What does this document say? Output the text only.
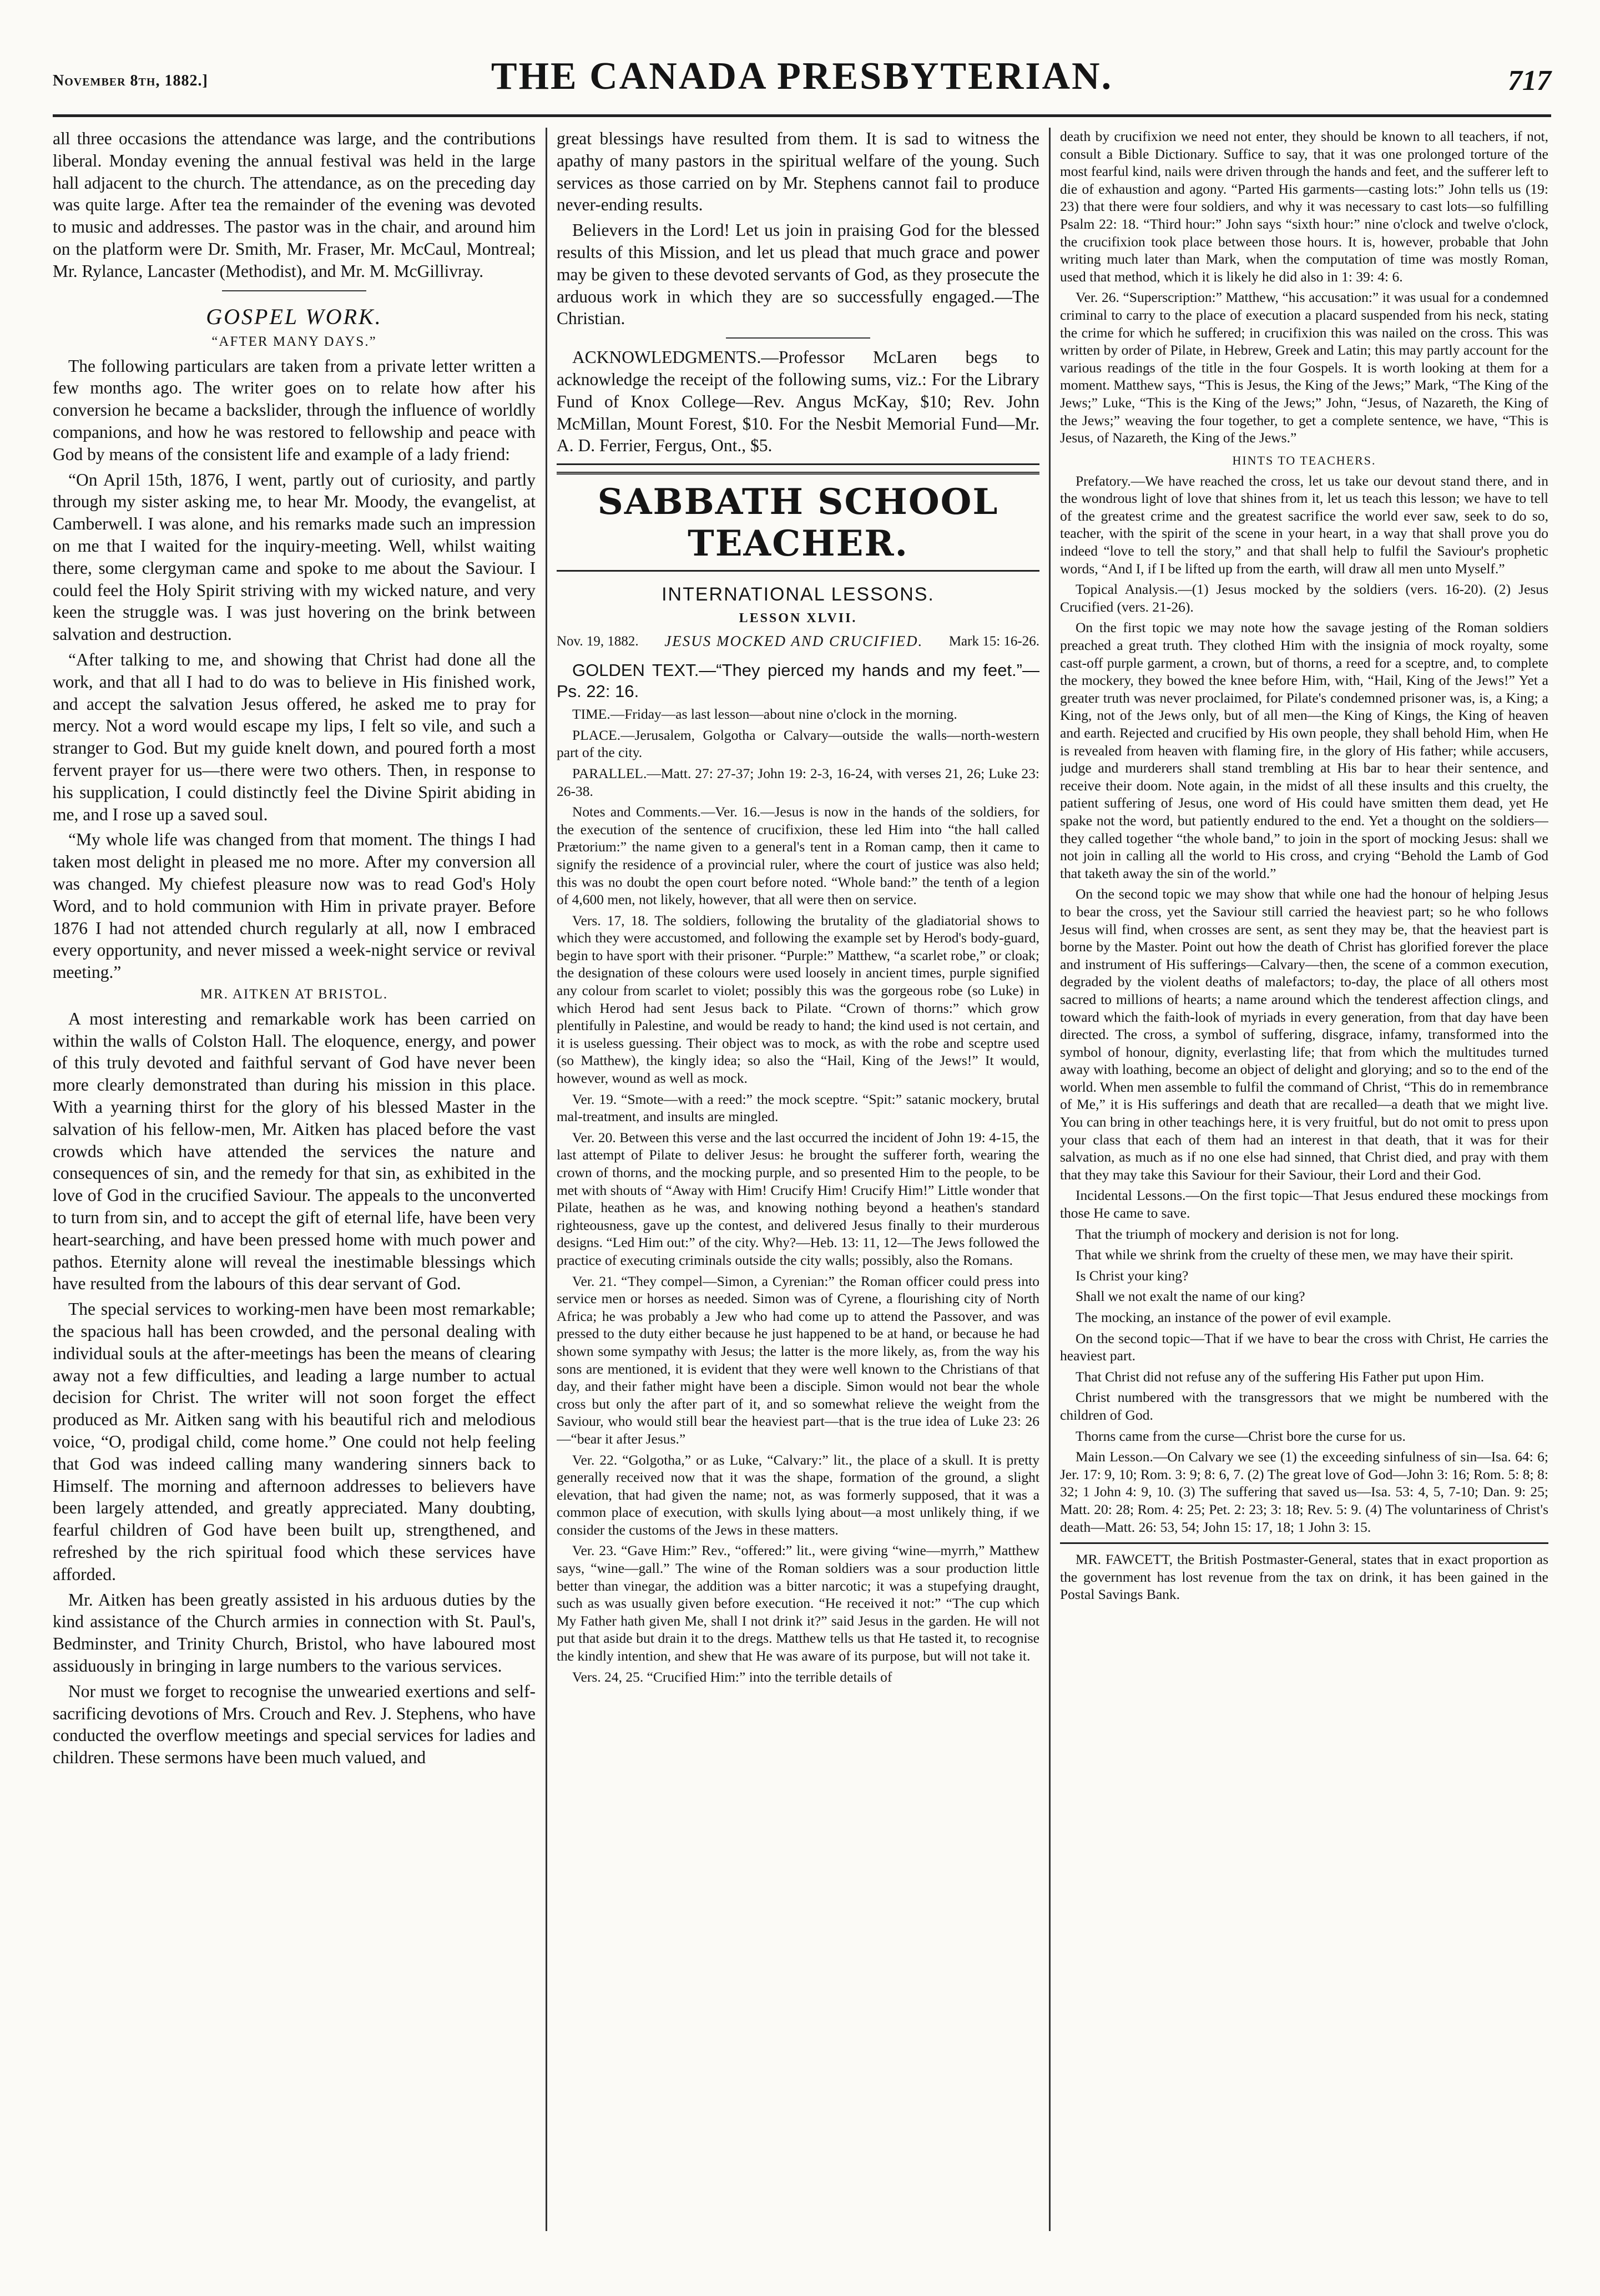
November 8th, 1882.]	THE CANADA PRESBYTERIAN.	717

all three occasions the attendance was large, and the contributions liberal. Monday evening the annual festival was held in the large hall adjacent to the church. The attendance, as on the preceding day was quite large. After tea the remainder of the evening was devoted to music and addresses. The pastor was in the chair, and around him on the platform were Dr. Smith, Mr. Fraser, Mr. McCaul, Montreal; Mr. Rylance, Lancaster (Methodist), and Mr. M. McGillivray.

GOSPEL WORK.
“AFTER MANY DAYS.”

The following particulars are taken from a private letter written a few months ago. The writer goes on to relate how after his conversion he became a backslider, through the influence of worldly companions, and how he was restored to fellowship and peace with God by means of the consistent life and example of a lady friend:

“On April 15th, 1876, I went, partly out of curiosity, and partly through my sister asking me, to hear Mr. Moody, the evangelist, at Camberwell. I was alone, and his remarks made such an impression on me that I waited for the inquiry-meeting. Well, whilst waiting there, some clergyman came and spoke to me about the Saviour. I could feel the Holy Spirit striving with my wicked nature, and very keen the struggle was. I was just hovering on the brink between salvation and destruction.

“After talking to me, and showing that Christ had done all the work, and that all I had to do was to believe in His finished work, and accept the salvation Jesus offered, he asked me to pray for mercy. Not a word would escape my lips, I felt so vile, and such a stranger to God. But my guide knelt down, and poured forth a most fervent prayer for us—there were two others. Then, in response to his supplication, I could distinctly feel the Divine Spirit abiding in me, and I rose up a saved soul.

“My whole life was changed from that moment. The things I had taken most delight in pleased me no more. After my conversion all was changed. My chiefest pleasure now was to read God's Holy Word, and to hold communion with Him in private prayer. Before 1876 I had not attended church regularly at all, now I embraced every opportunity, and never missed a week-night service or revival meeting.”

MR. AITKEN AT BRISTOL.

A most interesting and remarkable work has been carried on within the walls of Colston Hall. The eloquence, energy, and power of this truly devoted and faithful servant of God have never been more clearly demonstrated than during his mission in this place. With a yearning thirst for the glory of his blessed Master in the salvation of his fellow-men, Mr. Aitken has placed before the vast crowds which have attended the services the nature and consequences of sin, and the remedy for that sin, as exhibited in the love of God in the crucified Saviour. The appeals to the unconverted to turn from sin, and to accept the gift of eternal life, have been very heart-searching, and have been pressed home with much power and pathos. Eternity alone will reveal the inestimable blessings which have resulted from the labours of this dear servant of God.

The special services to working-men have been most remarkable; the spacious hall has been crowded, and the personal dealing with individual souls at the after-meetings has been the means of clearing away not a few difficulties, and leading a large number to actual decision for Christ. The writer will not soon forget the effect produced as Mr. Aitken sang with his beautiful rich and melodious voice, “O, prodigal child, come home.” One could not help feeling that God was indeed calling many wandering sinners back to Himself. The morning and afternoon addresses to believers have been largely attended, and greatly appreciated. Many doubting, fearful children of God have been built up, strengthened, and refreshed by the rich spiritual food which these services have afforded.

Mr. Aitken has been greatly assisted in his arduous duties by the kind assistance of the Church armies in connection with St. Paul's, Bedminster, and Trinity Church, Bristol, who have laboured most assiduously in bringing in large numbers to the various services.

Nor must we forget to recognise the unwearied exertions and self-sacrificing devotions of Mrs. Crouch and Rev. J. Stephens, who have conducted the overflow meetings and special services for ladies and children. These sermons have been much valued, and

great blessings have resulted from them. It is sad to witness the apathy of many pastors in the spiritual welfare of the young. Such services as those carried on by Mr. Stephens cannot fail to produce never-ending results.

Believers in the Lord! Let us join in praising God for the blessed results of this Mission, and let us plead that much grace and power may be given to these devoted servants of God, as they prosecute the arduous work in which they are so successfully engaged.—The Christian.

ACKNOWLEDGMENTS.—Professor McLaren begs to acknowledge the receipt of the following sums, viz.: For the Library Fund of Knox College—Rev. Angus McKay, $10; Rev. John McMillan, Mount Forest, $10. For the Nesbit Memorial Fund—Mr. A. D. Ferrier, Fergus, Ont., $5.

SABBATH SCHOOL TEACHER.
INTERNATIONAL LESSONS.
LESSON XLVII.
Nov. 19, 1882. JESUS MOCKED AND CRUCIFIED. Mark 15: 16-26.

GOLDEN TEXT.—“They pierced my hands and my feet.”—Ps. 22: 16.

TIME.—Friday—as last lesson—about nine o'clock in the morning.

PLACE.—Jerusalem, Golgotha or Calvary—outside the walls—north-western part of the city.

PARALLEL.—Matt. 27: 27-37; John 19: 2-3, 16-24, with verses 21, 26; Luke 23: 26-38.

Notes and Comments.—Ver. 16.—Jesus is now in the hands of the soldiers, for the execution of the sentence of crucifixion, these led Him into “the hall called Prætorium:” the name given to a general's tent in a Roman camp, then it came to signify the residence of a provincial ruler, where the court of justice was also held; this was no doubt the open court before noted. “Whole band:” the tenth of a legion of 4,600 men, not likely, however, that all were then on service.

Vers. 17, 18. The soldiers, following the brutality of the gladiatorial shows to which they were accustomed, and following the example set by Herod's body-guard, begin to have sport with their prisoner. “Purple:” Matthew, “a scarlet robe,” or cloak; the designation of these colours were used loosely in ancient times, purple signified any colour from scarlet to violet; possibly this was the gorgeous robe (so Luke) in which Herod had sent Jesus back to Pilate. “Crown of thorns:” which grow plentifully in Palestine, and would be ready to hand; the kind used is not certain, and it is useless guessing. Their object was to mock, as with the robe and sceptre used (so Matthew), the kingly idea; so also the “Hail, King of the Jews!” It would, however, wound as well as mock.

Ver. 19. “Smote—with a reed:” the mock sceptre. “Spit:” satanic mockery, brutal mal-treatment, and insults are mingled.

Ver. 20. Between this verse and the last occurred the incident of John 19: 4-15, the last attempt of Pilate to deliver Jesus: he brought the sufferer forth, wearing the crown of thorns, and the mocking purple, and so presented Him to the people, to be met with shouts of “Away with Him! Crucify Him! Crucify Him!” Little wonder that Pilate, heathen as he was, and knowing nothing beyond a heathen's standard righteousness, gave up the contest, and delivered Jesus finally to their murderous designs. “Led Him out:” of the city. Why?—Heb. 13: 11, 12—The Jews followed the practice of executing criminals outside the city walls; possibly, also the Romans.

Ver. 21. “They compel—Simon, a Cyrenian:” the Roman officer could press into service men or horses as needed. Simon was of Cyrene, a flourishing city of North Africa; he was probably a Jew who had come up to attend the Passover, and was pressed to the duty either because he just happened to be at hand, or because he had shown some sympathy with Jesus; the latter is the more likely, as, from the way his sons are mentioned, it is evident that they were well known to the Christians of that day, and their father might have been a disciple. Simon would not bear the whole cross but only the after part of it, and so somewhat relieve the weight from the Saviour, who would still bear the heaviest part—that is the true idea of Luke 23: 26—“bear it after Jesus.”

Ver. 22. “Golgotha,” or as Luke, “Calvary:” lit., the place of a skull. It is pretty generally received now that it was the shape, formation of the ground, a slight elevation, that had given the name; not, as was formerly supposed, that it was a common place of execution, with skulls lying about—a most unlikely thing, if we consider the customs of the Jews in these matters.

Ver. 23. “Gave Him:” Rev., “offered:” lit., were giving “wine—myrrh,” Matthew says, “wine—gall.” The wine of the Roman soldiers was a sour production little better than vinegar, the addition was a bitter narcotic; it was a stupefying draught, such as was usually given before execution. “He received it not:” “The cup which My Father hath given Me, shall I not drink it?” said Jesus in the garden. He will not put that aside but drain it to the dregs. Matthew tells us that He tasted it, to recognise the kindly intention, and shew that He was aware of its purpose, but will not take it.

Vers. 24, 25. “Crucified Him:” into the terrible details of

death by crucifixion we need not enter, they should be known to all teachers, if not, consult a Bible Dictionary. Suffice to say, that it was one prolonged torture of the most fearful kind, nails were driven through the hands and feet, and the sufferer left to die of exhaustion and agony. “Parted His garments—casting lots:” John tells us (19: 23) that there were four soldiers, and why it was necessary to cast lots—so fulfilling Psalm 22: 18. “Third hour:” John says “sixth hour:” nine o'clock and twelve o'clock, the crucifixion took place between those hours. It is, however, probable that John writing much later than Mark, when the computation of time was mostly Roman, used that method, which it is likely he did also in 1: 39: 4: 6.

Ver. 26. “Superscription:” Matthew, “his accusation:” it was usual for a condemned criminal to carry to the place of execution a placard suspended from his neck, stating the crime for which he suffered; in crucifixion this was nailed on the cross. This was written by order of Pilate, in Hebrew, Greek and Latin; this may partly account for the various readings of the title in the four Gospels. It is worth looking at them for a moment. Matthew says, “This is Jesus, the King of the Jews;” Mark, “The King of the Jews;” Luke, “This is the King of the Jews;” John, “Jesus, of Nazareth, the King of the Jews;” weaving the four together, to get a complete sentence, we have, “This is Jesus, of Nazareth, the King of the Jews.”

HINTS TO TEACHERS.

Prefatory.—We have reached the cross, let us take our devout stand there, and in the wondrous light of love that shines from it, let us teach this lesson; we have to tell of the greatest crime and the greatest sacrifice the world ever saw, seek to do so, teacher, with the spirit of the scene in your heart, in a way that shall prove you do indeed “love to tell the story,” and that shall help to fulfil the Saviour's prophetic words, “And I, if I be lifted up from the earth, will draw all men unto Myself.”

Topical Analysis.—(1) Jesus mocked by the soldiers (vers. 16-20). (2) Jesus Crucified (vers. 21-26).

On the first topic we may note how the savage jesting of the Roman soldiers preached a great truth. They clothed Him with the insignia of mock royalty, some cast-off purple garment, a crown, but of thorns, a reed for a sceptre, and, to complete the mockery, they bowed the knee before Him, with, “Hail, King of the Jews!” Yet a greater truth was never proclaimed, for Pilate's condemned prisoner was, is, a King; a King, not of the Jews only, but of all men—the King of Kings, the King of heaven and earth. Rejected and crucified by His own people, they shall behold Him, when He is revealed from heaven with flaming fire, in the glory of His father; while accusers, judge and murderers shall stand trembling at His bar to hear their sentence, and receive their doom. Note again, in the midst of all these insults and this cruelty, the patient suffering of Jesus, one word of His could have smitten them dead, yet He spake not the word, but patiently endured to the end. Yet a thought on the soldiers—they called together “the whole band,” to join in the sport of mocking Jesus: shall we not join in calling all the world to His cross, and crying “Behold the Lamb of God that taketh away the sin of the world.”

On the second topic we may show that while one had the honour of helping Jesus to bear the cross, yet the Saviour still carried the heaviest part; so he who follows Jesus will find, when crosses are sent, as sent they may be, that the heaviest part is borne by the Master. Point out how the death of Christ has glorified forever the place and instrument of His sufferings—Calvary—then, the scene of a common execution, degraded by the violent deaths of malefactors; to-day, the place of all others most sacred to millions of hearts; a name around which the tenderest affection clings, and toward which the faith-look of myriads in every generation, from that day have been directed. The cross, a symbol of suffering, disgrace, infamy, transformed into the symbol of honour, dignity, everlasting life; that from which the multitudes turned away with loathing, become an object of delight and glorying; and so to the end of the world. When men assemble to fulfil the command of Christ, “This do in remembrance of Me,” it is His sufferings and death that are recalled—a death that we might live. You can bring in other teachings here, it is very fruitful, but do not omit to press upon your class that each of them had an interest in that death, that it was for their salvation, as much as if no one else had sinned, that Christ died, and pray with them that they may take this Saviour for their Saviour, their Lord and their God.

Incidental Lessons.—On the first topic—That Jesus endured these mockings from those He came to save.

That the triumph of mockery and derision is not for long.

That while we shrink from the cruelty of these men, we may have their spirit.

Is Christ your king?

Shall we not exalt the name of our king?

The mocking, an instance of the power of evil example.

On the second topic—That if we have to bear the cross with Christ, He carries the heaviest part.

That Christ did not refuse any of the suffering His Father put upon Him.

Christ numbered with the transgressors that we might be numbered with the children of God.

Thorns came from the curse—Christ bore the curse for us.

Main Lesson.—On Calvary we see (1) the exceeding sinfulness of sin—Isa. 64: 6; Jer. 17: 9, 10; Rom. 3: 9; 8: 6, 7. (2) The great love of God—John 3: 16; Rom. 5: 8; 8: 32; 1 John 4: 9, 10. (3) The suffering that saved us—Isa. 53: 4, 5, 7-10; Dan. 9: 25; Matt. 20: 28; Rom. 4: 25; Pet. 2: 23; 3: 18; Rev. 5: 9. (4) The voluntariness of Christ's death—Matt. 26: 53, 54; John 15: 17, 18; 1 John 3: 15.

MR. FAWCETT, the British Postmaster-General, states that in exact proportion as the government has lost revenue from the tax on drink, it has been gained in the Postal Savings Bank.
